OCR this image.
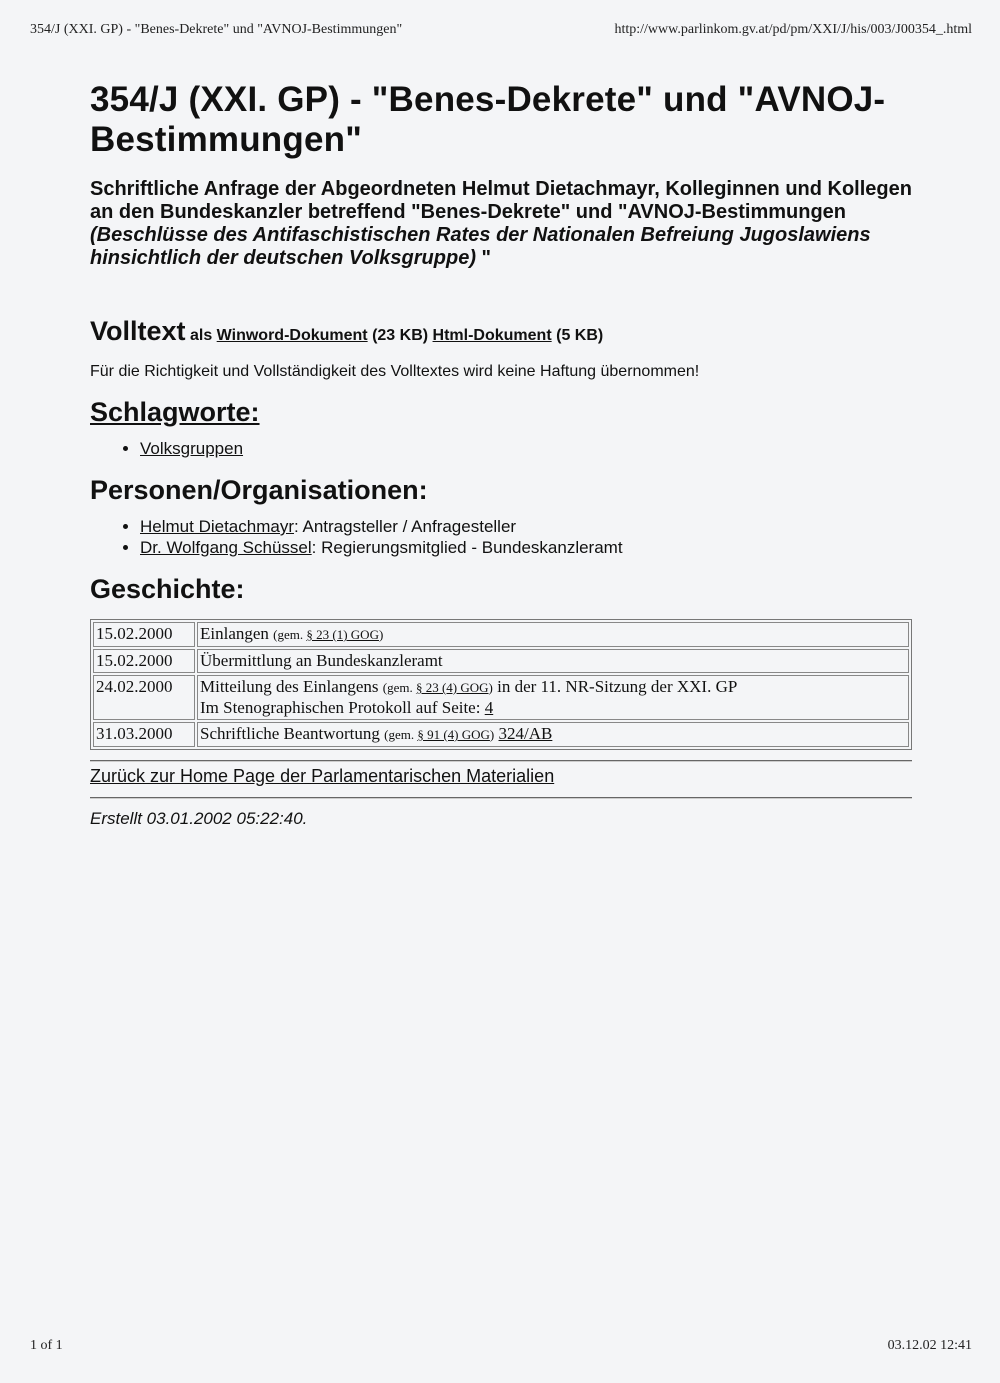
354/J (XXI. GP) - "Benes-Dekrete" und "AVNOJ-Bestimmungen"	http://www.parlinkom.gv.at/pd/pm/XXI/J/his/003/J00354_.html
354/J (XXI. GP) - "Benes-Dekrete" und "AVNOJ-Bestimmungen"

Schriftliche Anfrage der Abgeordneten Helmut Dietachmayr, Kolleginnen und Kollegen an den Bundeskanzler betreffend "Benes-Dekrete" und "AVNOJ-Bestimmungen (Beschlüsse des Antifaschistischen Rates der Nationalen Befreiung Jugoslawiens hinsichtlich der deutschen Volksgruppe) "

Volltext als Winword-Dokument (23 KB) Html-Dokument (5 KB)
Für die Richtigkeit und Vollständigkeit des Volltextes wird keine Haftung übernommen!
Schlagworte:
• Volksgruppen
Personen/Organisationen:
• Helmut Dietachmayr: Antragsteller / Anfragesteller
• Dr. Wolfgang Schüssel: Regierungsmitglied - Bundeskanzleramt
Geschichte:
15.02.2000	Einlangen (gem. § 23 (1) GOG)
15.02.2000	Übermittlung an Bundeskanzleramt
24.02.2000	Mitteilung des Einlangens (gem. § 23 (4) GOG) in der 11. NR-Sitzung der XXI. GP
Im Stenographischen Protokoll auf Seite: 4
31.03.2000	Schriftliche Beantwortung (gem. § 91 (4) GOG) 324/AB
Zurück zur Home Page der Parlamentarischen Materialien
Erstellt 03.01.2002 05:22:40.
1 of 1	03.12.02 12:41
